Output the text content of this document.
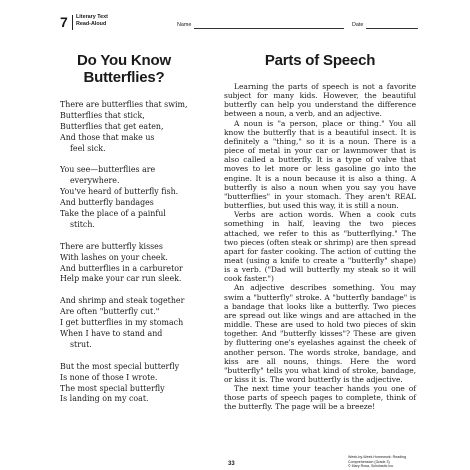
7 Literary Text
Read-Aloud	Name	Date
Do You Know Butterflies?
There are butterflies that swim,
Butterflies that stick,
Butterflies that get eaten,
And those that make us
feel sick.
You see—butterflies are
everywhere.
You've heard of butterfly fish.
And butterfly bandages
Take the place of a painful
stitch.
There are butterfly kisses
With lashes on your cheek.
And butterflies in a carburetor
Help make your car run sleek.
And shrimp and steak together
Are often "butterfly cut."
I get butterflies in my stomach
When I have to stand and
strut.
But the most special butterfly
Is none of those I wrote.
The most special butterfly
Is landing on my coat.
Parts of Speech

Learning the parts of speech is not a favorite subject for many kids. However, the beautiful butterfly can help you understand the difference between a noun, a verb, and an adjective.

A noun is "a person, place or thing." You all know the butterfly that is a beautiful insect. It is definitely a "thing," so it is a noun. There is a piece of metal in your car or lawnmower that is also called a butterfly. It is a type of valve that moves to let more or less gasoline go into the engine. It is a noun because it is also a thing. A butterfly is also a noun when you say you have "butterflies" in your stomach. They aren't REAL butterflies, but used this way, it is still a noun.

Verbs are action words. When a cook cuts something in half, leaving the two pieces attached, we refer to this as "butterflying." The two pieces (often steak or shrimp) are then spread apart for faster cooking. The action of cutting the meat (using a knife to create a "butterfly" shape) is a verb. ("Dad will butterfly my steak so it will cook faster.")

An adjective describes something. You may swim a "butterfly" stroke. A "butterfly bandage" is a bandage that looks like a butterfly. Two pieces are spread out like wings and are attached in the middle. These are used to hold two pieces of skin together. And "butterfly kisses"? These are given by fluttering one's eyelashes against the cheek of another person. The words stroke, bandage, and kiss are all nouns, things. Here the word "butterfly" tells you what kind of stroke, bandage, or kiss it is. The word butterfly is the adjective.

The next time your teacher hands you one of those parts of speech pages to complete, think of the butterfly. The page will be a breeze!

33
Week-by-Week Homework: Reading Comprehension (Grade 3)
© Mary Rosa, Scholastic Inc.
